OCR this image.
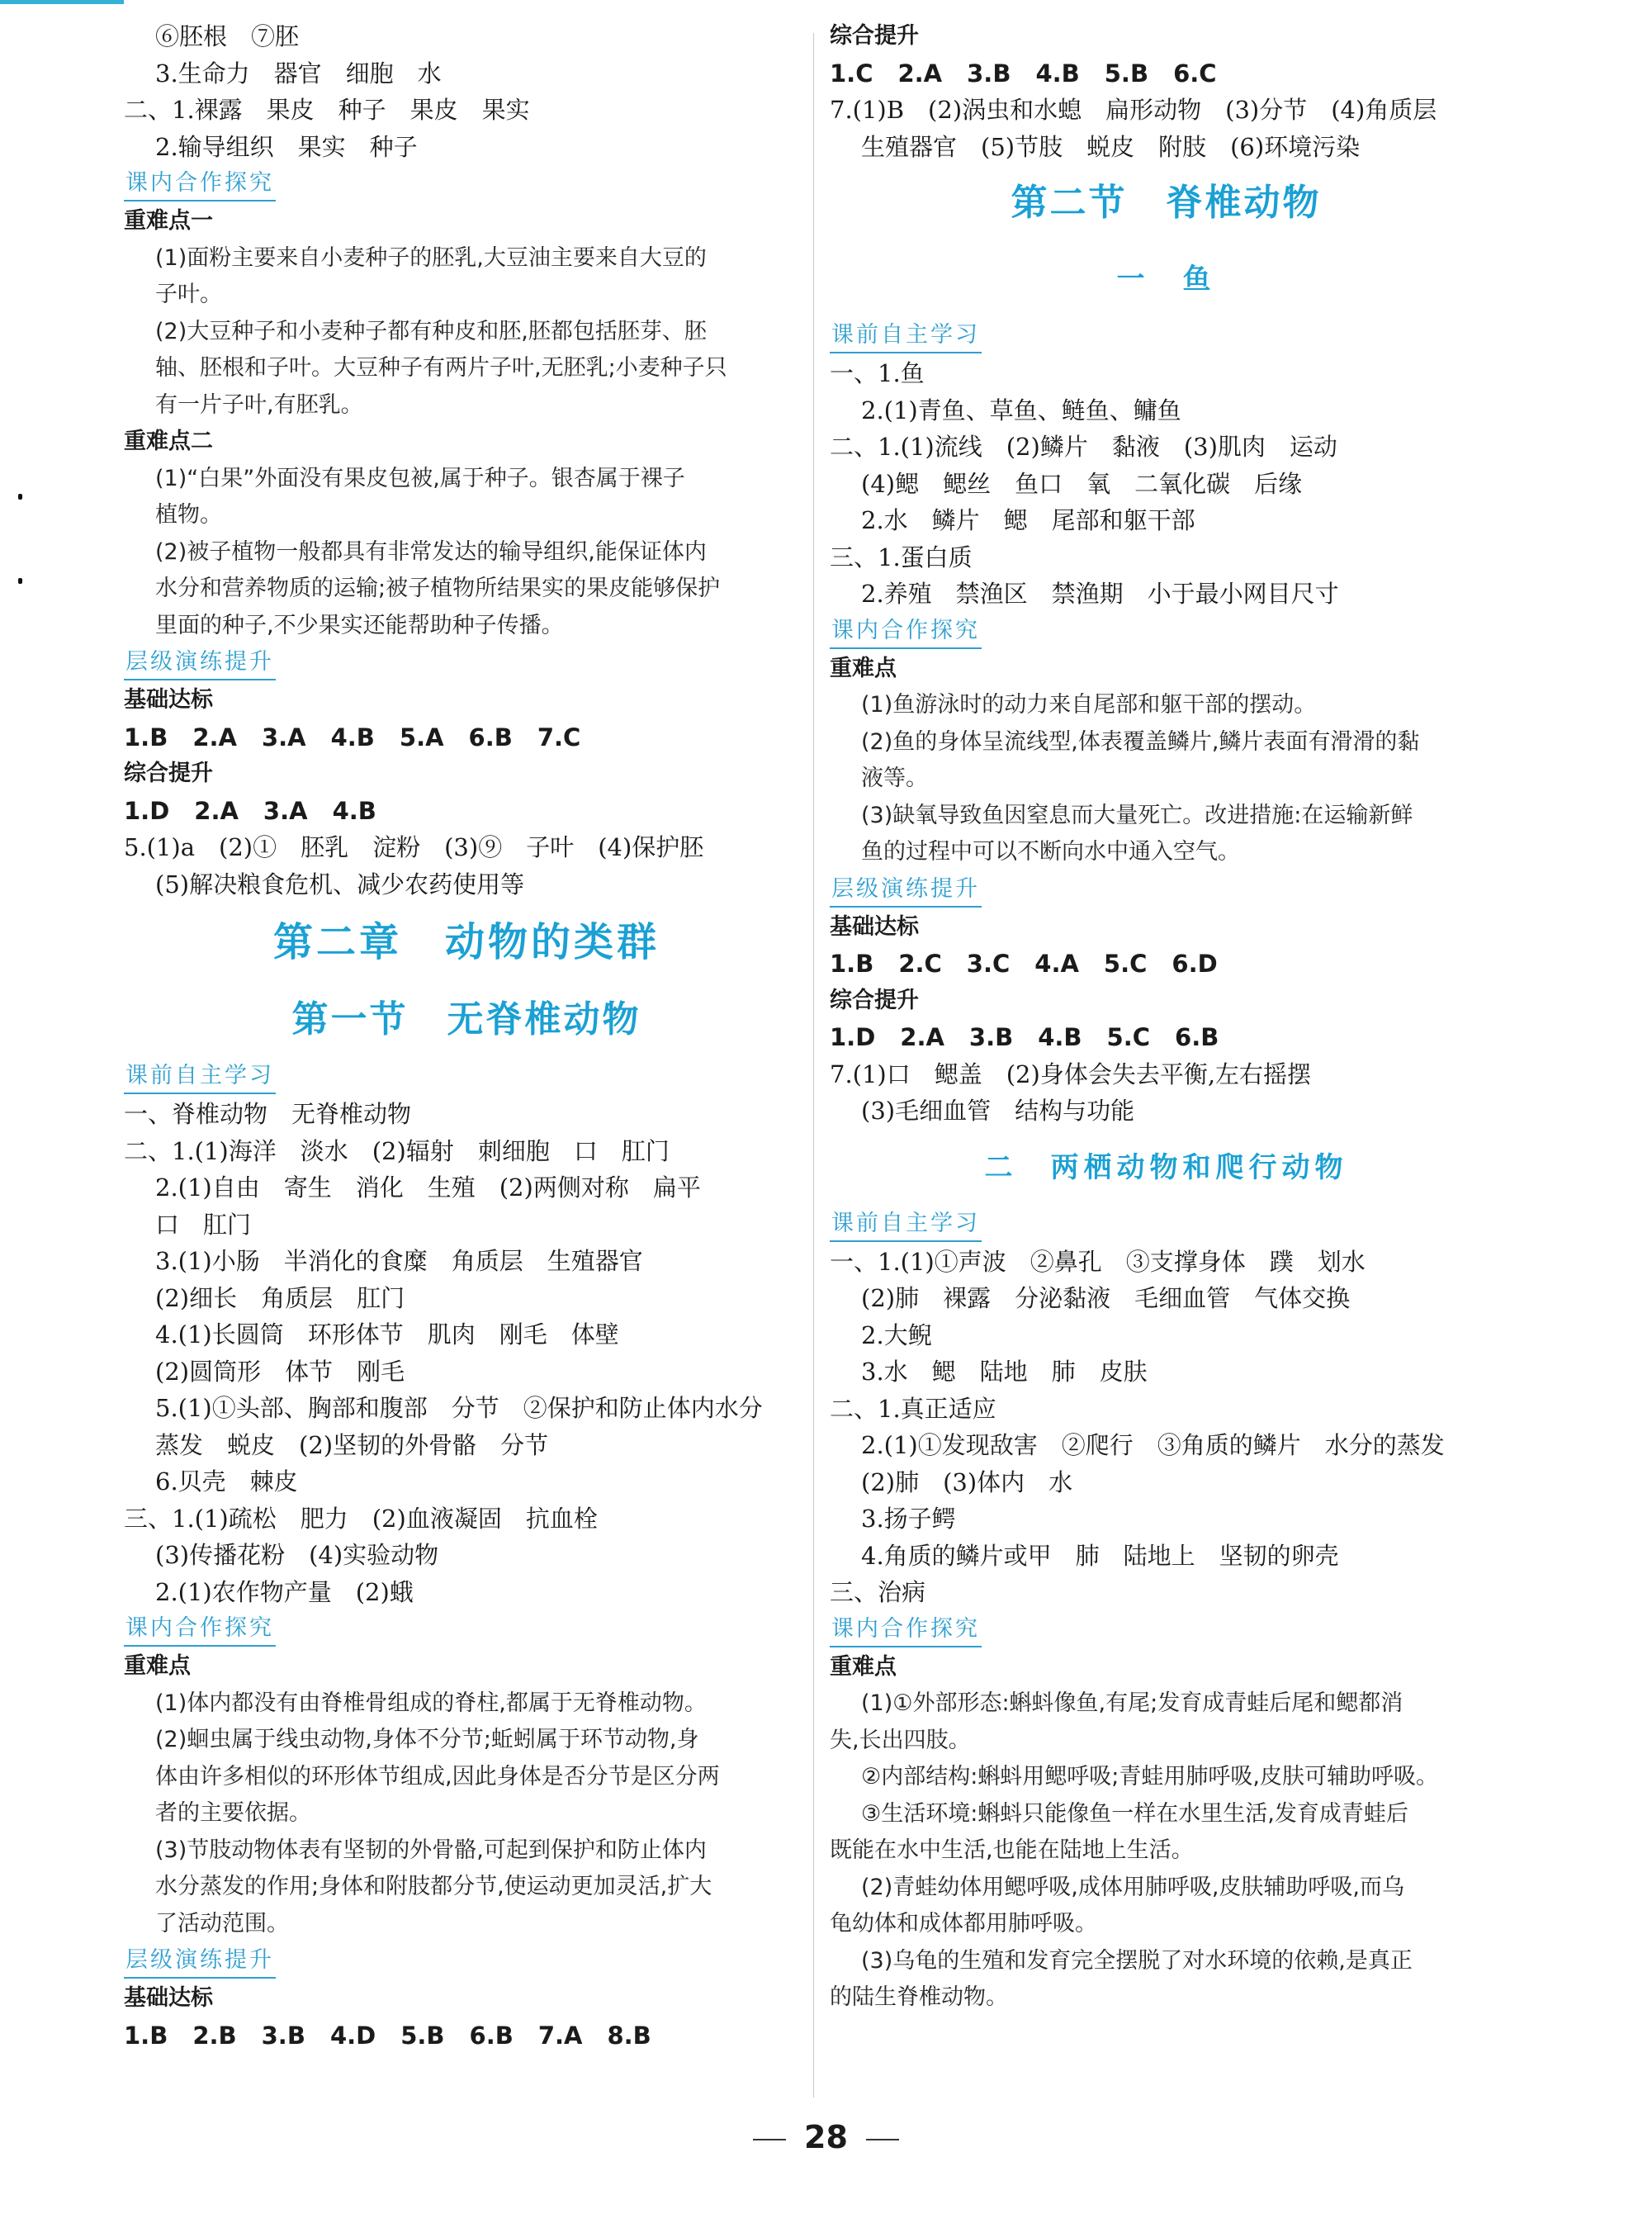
⑥胚根　⑦胚
3.生命力　器官　细胞　水
二、1.裸露　果皮　种子　果皮　果实
2.输导组织　果实　种子
课内合作探究
重难点一
(1)面粉主要来自小麦种子的胚乳,大豆油主要来自大豆的
子叶。
(2)大豆种子和小麦种子都有种皮和胚,胚都包括胚芽、胚
轴、胚根和子叶。大豆种子有两片子叶,无胚乳;小麦种子只
有一片子叶,有胚乳。
重难点二
(1)“白果”外面没有果皮包被,属于种子。银杏属于裸子
植物。
(2)被子植物一般都具有非常发达的输导组织,能保证体内
水分和营养物质的运输;被子植物所结果实的果皮能够保护
里面的种子,不少果实还能帮助种子传播。
层级演练提升
基础达标
1.B 2.A 3.A 4.B 5.A 6.B 7.C
综合提升
1.D 2.A 3.A 4.B
5.(1)a　(2)①　胚乳　淀粉　(3)⑨　子叶　(4)保护胚
(5)解决粮食危机、减少农药使用等
第二章　动物的类群
第一节　无脊椎动物
课前自主学习
一、脊椎动物　无脊椎动物
二、1.(1)海洋　淡水　(2)辐射　刺细胞　口　肛门
2.(1)自由　寄生　消化　生殖　(2)两侧对称　扁平
口　肛门
3.(1)小肠　半消化的食糜　角质层　生殖器官
(2)细长　角质层　肛门
4.(1)长圆筒　环形体节　肌肉　刚毛　体壁
(2)圆筒形　体节　刚毛
5.(1)①头部、胸部和腹部　分节　②保护和防止体内水分
蒸发　蜕皮　(2)坚韧的外骨骼　分节
6.贝壳　棘皮
三、1.(1)疏松　肥力　(2)血液凝固　抗血栓
(3)传播花粉　(4)实验动物
2.(1)农作物产量　(2)蛾
课内合作探究
重难点
(1)体内都没有由脊椎骨组成的脊柱,都属于无脊椎动物。
(2)蛔虫属于线虫动物,身体不分节;蚯蚓属于环节动物,身
体由许多相似的环形体节组成,因此身体是否分节是区分两
者的主要依据。
(3)节肢动物体表有坚韧的外骨骼,可起到保护和防止体内
水分蒸发的作用;身体和附肢都分节,使运动更加灵活,扩大
了活动范围。
层级演练提升
基础达标
1.B 2.B 3.B 4.D 5.B 6.B 7.A 8.B
综合提升
1.C 2.A 3.B 4.B 5.B 6.C
7.(1)B　(2)涡虫和水螅　扁形动物　(3)分节　(4)角质层
生殖器官　(5)节肢　蜕皮　附肢　(6)环境污染
第二节　脊椎动物
一　鱼
课前自主学习
一、1.鱼
2.(1)青鱼、草鱼、鲢鱼、鳙鱼
二、1.(1)流线　(2)鳞片　黏液　(3)肌肉　运动
(4)鳃　鳃丝　鱼口　氧　二氧化碳　后缘
2.水　鳞片　鳃　尾部和躯干部
三、1.蛋白质
2.养殖　禁渔区　禁渔期　小于最小网目尺寸
课内合作探究
重难点
(1)鱼游泳时的动力来自尾部和躯干部的摆动。
(2)鱼的身体呈流线型,体表覆盖鳞片,鳞片表面有滑滑的黏
液等。
(3)缺氧导致鱼因窒息而大量死亡。改进措施:在运输新鲜
鱼的过程中可以不断向水中通入空气。
层级演练提升
基础达标
1.B 2.C 3.C 4.A 5.C 6.D
综合提升
1.D 2.A 3.B 4.B 5.C 6.B
7.(1)口　鳃盖　(2)身体会失去平衡,左右摇摆
(3)毛细血管　结构与功能
二　两栖动物和爬行动物
课前自主学习
一、1.(1)①声波　②鼻孔　③支撑身体　蹼　划水
(2)肺　裸露　分泌黏液　毛细血管　气体交换
2.大鲵
3.水　鳃　陆地　肺　皮肤
二、1.真正适应
2.(1)①发现敌害　②爬行　③角质的鳞片　水分的蒸发
(2)肺　(3)体内　水
3.扬子鳄
4.角质的鳞片或甲　肺　陆地上　坚韧的卵壳
三、治病
课内合作探究
重难点
(1)①外部形态:蝌蚪像鱼,有尾;发育成青蛙后尾和鳃都消
失,长出四肢。
②内部结构:蝌蚪用鳃呼吸;青蛙用肺呼吸,皮肤可辅助呼吸。
③生活环境:蝌蚪只能像鱼一样在水里生活,发育成青蛙后
既能在水中生活,也能在陆地上生活。
(2)青蛙幼体用鳃呼吸,成体用肺呼吸,皮肤辅助呼吸,而乌
龟幼体和成体都用肺呼吸。
(3)乌龟的生殖和发育完全摆脱了对水环境的依赖,是真正
的陆生脊椎动物。
28
